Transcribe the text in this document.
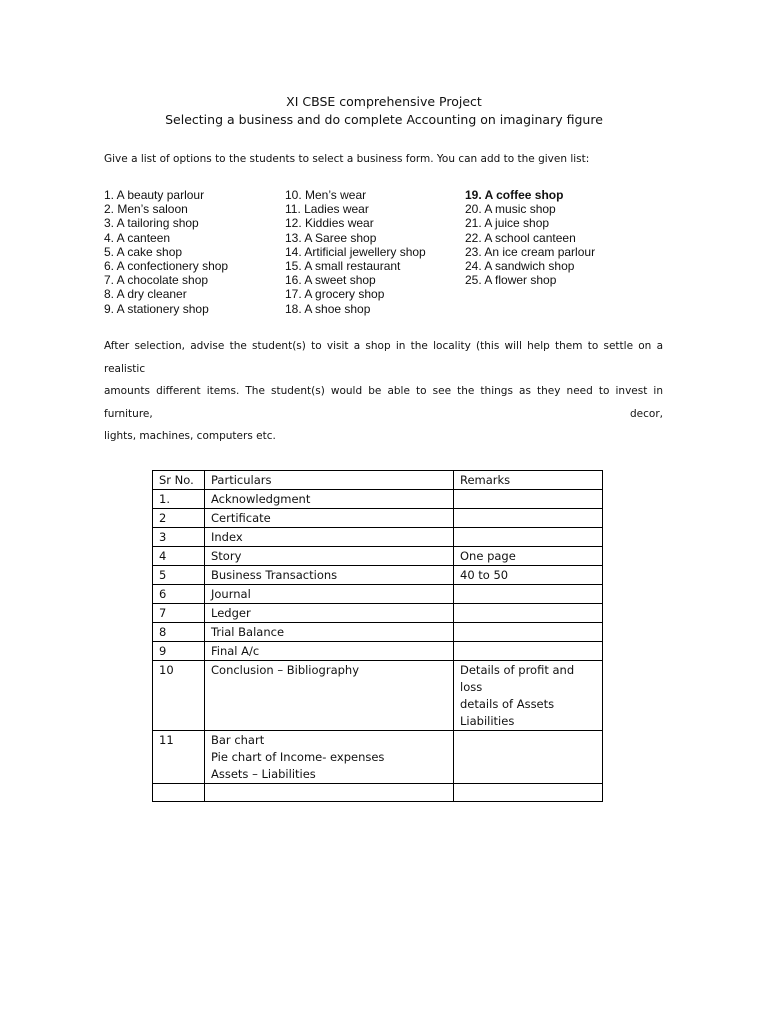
XI CBSE comprehensive Project
Selecting a business and do complete Accounting on imaginary figure
Give a list of options to the students to select a business form. You can add to the given list:
1. A beauty parlour
2. Men’s saloon
3. A tailoring shop
4. A canteen
5. A cake shop
6. A confectionery shop
7. A chocolate shop
8. A dry cleaner
9. A stationery shop
10. Men’s wear
11. Ladies wear
12. Kiddies wear
13. A Saree shop
14. Artificial jewellery shop
15. A small restaurant
16. A sweet shop
17. A grocery shop
18. A shoe shop
19. A coffee shop
20. A music shop
21. A juice shop
22. A school canteen
23. An ice cream parlour
24. A sandwich shop
25. A flower shop
After selection, advise the student(s) to visit a shop in the locality (this will help them to settle on a realistic
amounts different items. The student(s) would be able to see the things as they need to invest in furniture, decor,
lights, machines, computers etc.
Sr No.	Particulars	Remarks
1.	Acknowledgment	
2	Certificate	
3	Index	
4	Story	One page
5	Business Transactions	40 to 50
6	Journal	
7	Ledger	
8	Trial Balance	
9	Final A/c	
10	Conclusion – Bibliography	Details of profit and loss
details of Assets
Liabilities
11	Bar chart
Pie chart of Income- expenses
Assets – Liabilities	
